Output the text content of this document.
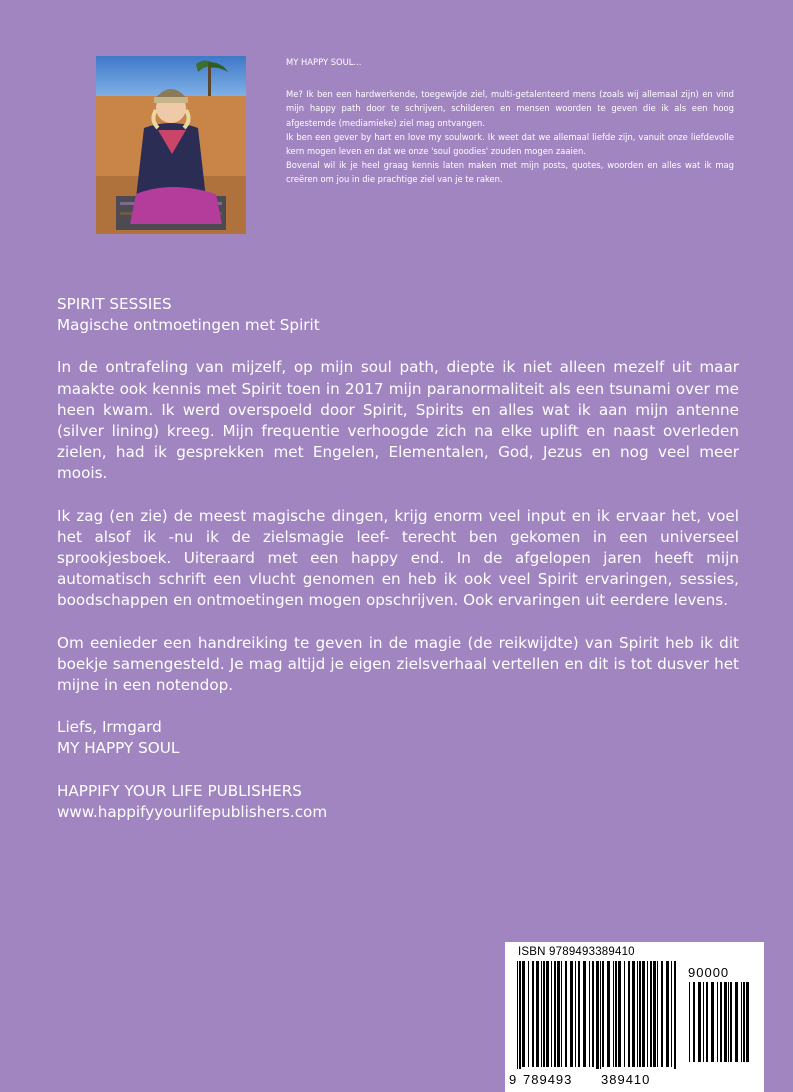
MY HAPPY SOUL...

Me? Ik ben een hardwerkende, toegewijde ziel, multi-getalenteerd mens (zoals wij allemaal zijn) en vind mijn happy path door te schrijven, schilderen en mensen woorden te geven die ik als een hoog afgestemde (mediamieke) ziel mag ontvangen.

Ik ben een gever by hart en love my soulwork. Ik weet dat we allemaal liefde zijn, vanuit onze liefdevolle kern mogen leven en dat we onze 'soul goodies' zouden mogen zaaien.

Bovenal wil ik je heel graag kennis laten maken met mijn posts, quotes, woorden en alles wat ik mag creëren om jou in die prachtige ziel van je te raken.

SPIRIT SESSIES

Magische ontmoetingen met Spirit

In de ontrafeling van mijzelf, op mijn soul path, diepte ik niet alleen mezelf uit maar maakte ook kennis met Spirit toen in 2017 mijn paranormaliteit als een tsunami over me heen kwam. Ik werd overspoeld door Spirit, Spirits en alles wat ik aan mijn antenne (silver lining) kreeg. Mijn frequentie verhoogde zich na elke uplift en naast overleden zielen, had ik gesprekken met Engelen, Elementalen, God, Jezus en nog veel meer moois.

Ik zag (en zie) de meest magische dingen, krijg enorm veel input en ik ervaar het, voel het alsof ik -nu ik de zielsmagie leef- terecht ben gekomen in een universeel sprookjesboek. Uiteraard met een happy end. In de afgelopen jaren heeft mijn automatisch schrift een vlucht genomen en heb ik ook veel Spirit ervaringen, sessies, boodschappen en ontmoetingen mogen opschrijven. Ook ervaringen uit eerdere levens.

Om eenieder een handreiking te geven in de magie (de reikwijdte) van Spirit heb ik dit boekje samengesteld. Je mag altijd je eigen zielsverhaal vertellen en dit is tot dusver het mijne in een notendop.

Liefs, Irmgard

MY HAPPY SOUL

HAPPIFY YOUR LIFE PUBLISHERS

www.happifyyourlifepublishers.com

ISBN 9789493389410
90000
9 789493 389410
